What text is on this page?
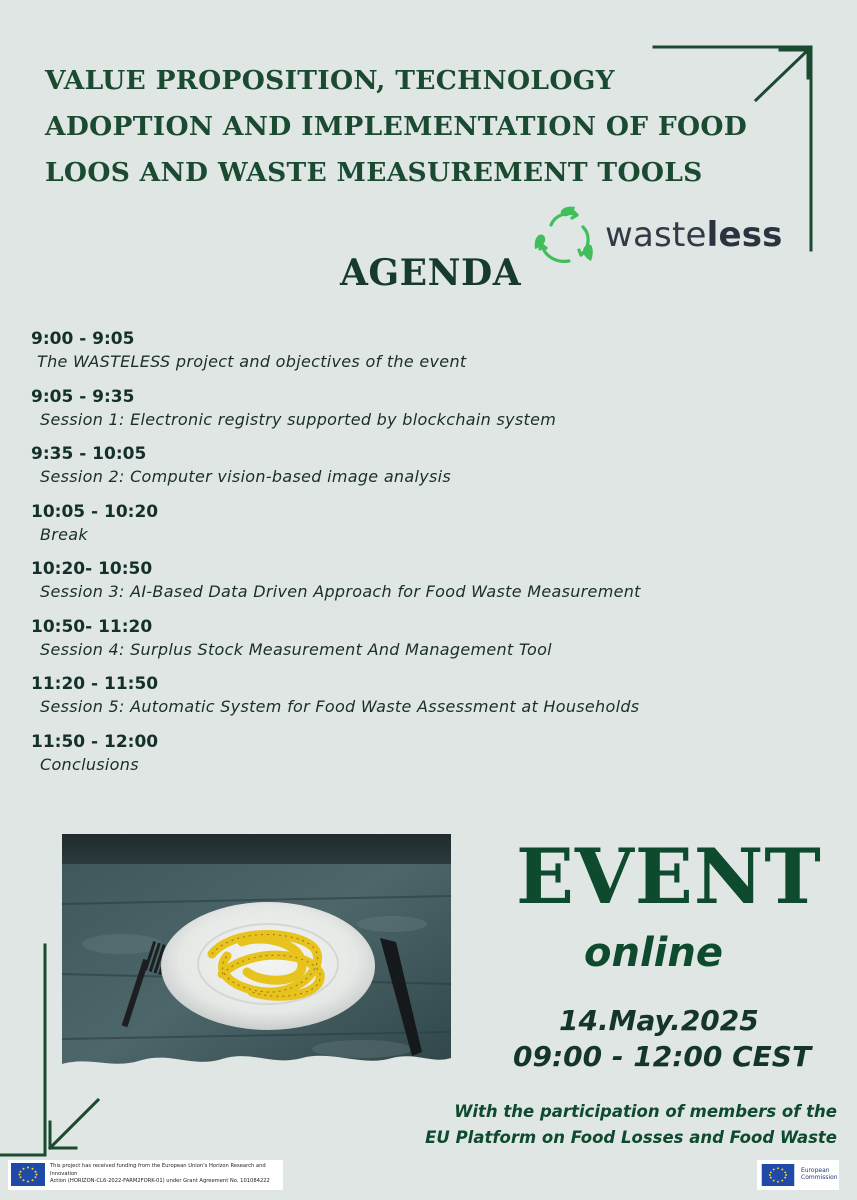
VALUE PROPOSITION, TECHNOLOGY
ADOPTION AND IMPLEMENTATION OF FOOD
LOOS AND WASTE MEASUREMENT TOOLS
wasteless
AGENDA
9:00 - 9:05
The WASTELESS project and objectives of the event
9:05 - 9:35
Session 1: Electronic registry supported by blockchain system
9:35 - 10:05
Session 2: Computer vision-based image analysis
10:05 - 10:20
Break
10:20- 10:50
Session 3: AI-Based Data Driven Approach for Food Waste Measurement
10:50- 11:20
Session 4: Surplus Stock Measurement And Management Tool
11:20 - 11:50
Session 5: Automatic System for Food Waste Assessment at Households
11:50 - 12:00
Conclusions
EVENT
online
14.May.2025
09:00 - 12:00 CEST
With the participation of members of the
EU Platform on Food Losses and Food Waste
This project has received funding from the European Union's Horizon Research and Innovation
Action (HORIZON-CL6-2022-FARM2FORK-01) under Grant Agreement No. 101084222
European
Commission
